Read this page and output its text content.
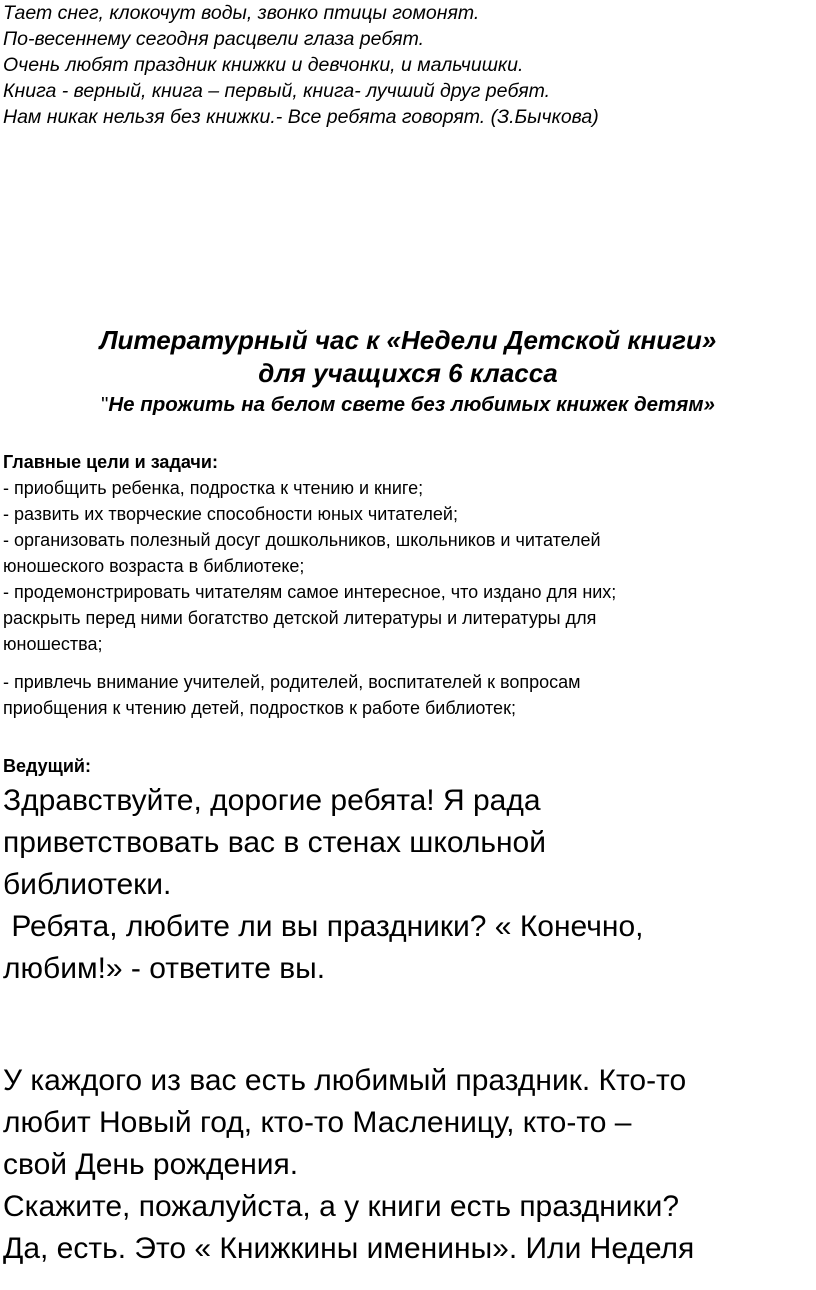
Тает снег, клокочут воды, звонко птицы гомонят.
По-весеннему сегодня расцвели глаза ребят.
Очень любят праздник книжки и девчонки, и мальчишки.
Книга - верный, книга – первый, книга- лучший друг ребят.
Нам никак нельзя без книжки.- Все ребята говорят. (З.Бычкова)
Литературный час к «Недели Детской книги»
для учащихся 6 класса
"Не прожить на белом свете без любимых книжек детям»
Главные цели и задачи:
- приобщить ребенка, подростка к чтению и книге;
- развить их творческие способности юных читателей;
- организовать полезный досуг дошкольников, школьников и читателей
юношеского возраста в библиотеке;
- продемонстрировать читателям самое интересное, что издано для них;
раскрыть перед ними богатство детской литературы и литературы для
юношества;
- привлечь внимание учителей, родителей, воспитателей к вопросам
приобщения к чтению детей, подростков к работе библиотек;
Ведущий:
Здравствуйте, дорогие ребята! Я рада
приветствовать вас в стенах школьной
библиотеки.
Ребята, любите ли вы праздники? « Конечно,
любим!» - ответите вы.
У каждого из вас есть любимый праздник. Кто-то
любит Новый год, кто-то Масленицу, кто-то –
свой День рождения.
Скажите, пожалуйста, а у книги есть праздники?
Да, есть. Это « Книжкины именины». Или Неделя
